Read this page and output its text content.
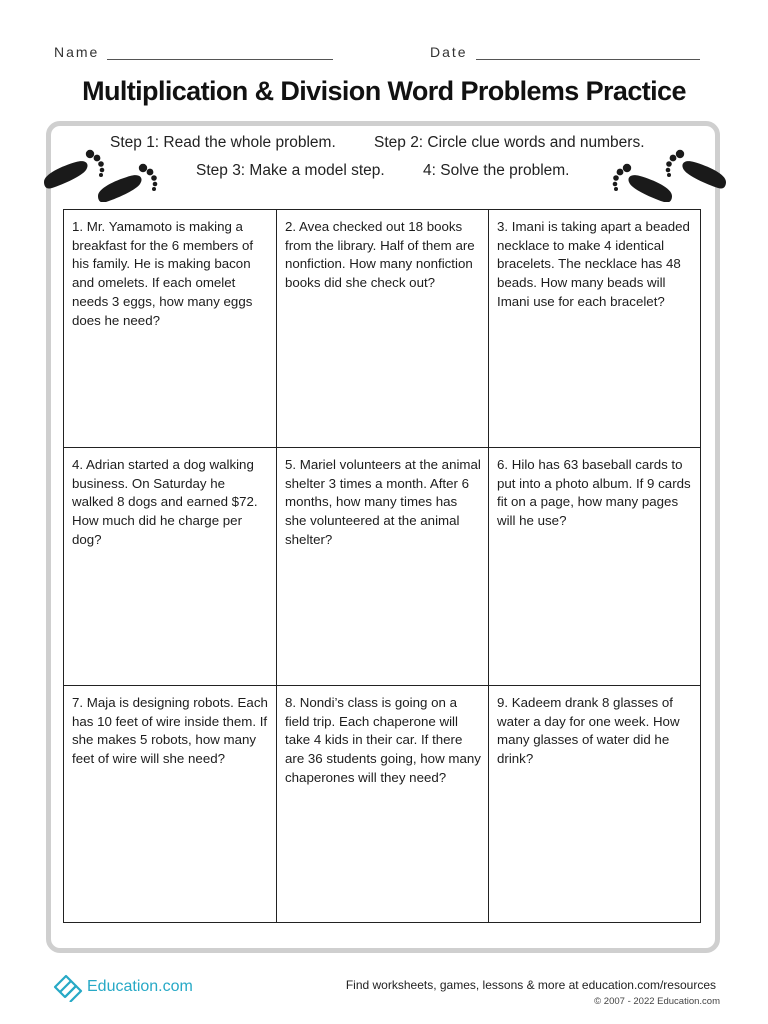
Name	Date
Multiplication & Division Word Problems Practice
Step 1: Read the whole problem. Step 2: Circle clue words and numbers.
Step 3: Make a model step. 4: Solve the problem.
1. Mr. Yamamoto is making a breakfast for the 6 members of his family. He is making bacon and omelets. If each omelet needs 3 eggs, how many eggs does he need?
2. Avea checked out 18 books from the library. Half of them are nonfiction. How many nonfiction books did she check out?
3. Imani is taking apart a beaded necklace to make 4 identical bracelets. The necklace has 48 beads. How many beads will Imani use for each bracelet?
4. Adrian started a dog walking business. On Saturday he walked 8 dogs and earned $72. How much did he charge per dog?
5. Mariel volunteers at the animal shelter 3 times a month. After 6 months, how many times has she volunteered at the animal shelter?
6. Hilo has 63 baseball cards to put into a photo album. If 9 cards fit on a page, how many pages will he use?
7. Maja is designing robots. Each has 10 feet of wire inside them. If she makes 5 robots, how many feet of wire will she need?
8. Nondi’s class is going on a field trip. Each chaperone will take 4 kids in their car. If there are 36 students going, how many chaperones will they need?
9. Kadeem drank 8 glasses of water a day for one week. How many glasses of water did he drink?
Education.com	Find worksheets, games, lessons & more at education.com/resources
© 2007 - 2022 Education.com
